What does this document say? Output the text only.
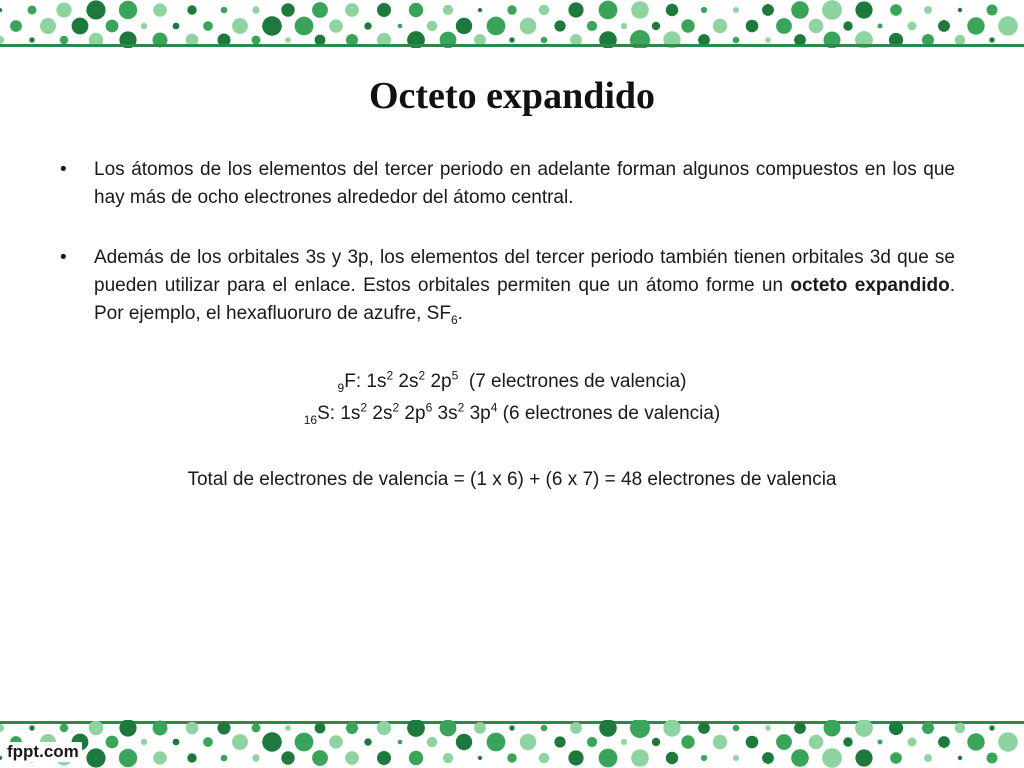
Octeto expandido
• Los átomos de los elementos del tercer periodo en adelante forman algunos compuestos en los que hay más de ocho electrones alrededor del átomo central.
• Además de los orbitales 3s y 3p, los elementos del tercer periodo también tienen orbitales 3d que se pueden utilizar para el enlace. Estos orbitales permiten que un átomo forme un octeto expandido. Por ejemplo, el hexafluoruro de azufre, $SF_6$.
$_9$F: $1s^2$ $2s^2$ $2p^5$  (7 electrones de valencia)
$_{16}$S: $1s^2$ $2s^2$ $2p^6$ $3s^2$ $3p^4$ (6 electrones de valencia)
Total de electrones de valencia = (1 x 6) + (6 x 7) = 48 electrones de valencia
fppt.com
